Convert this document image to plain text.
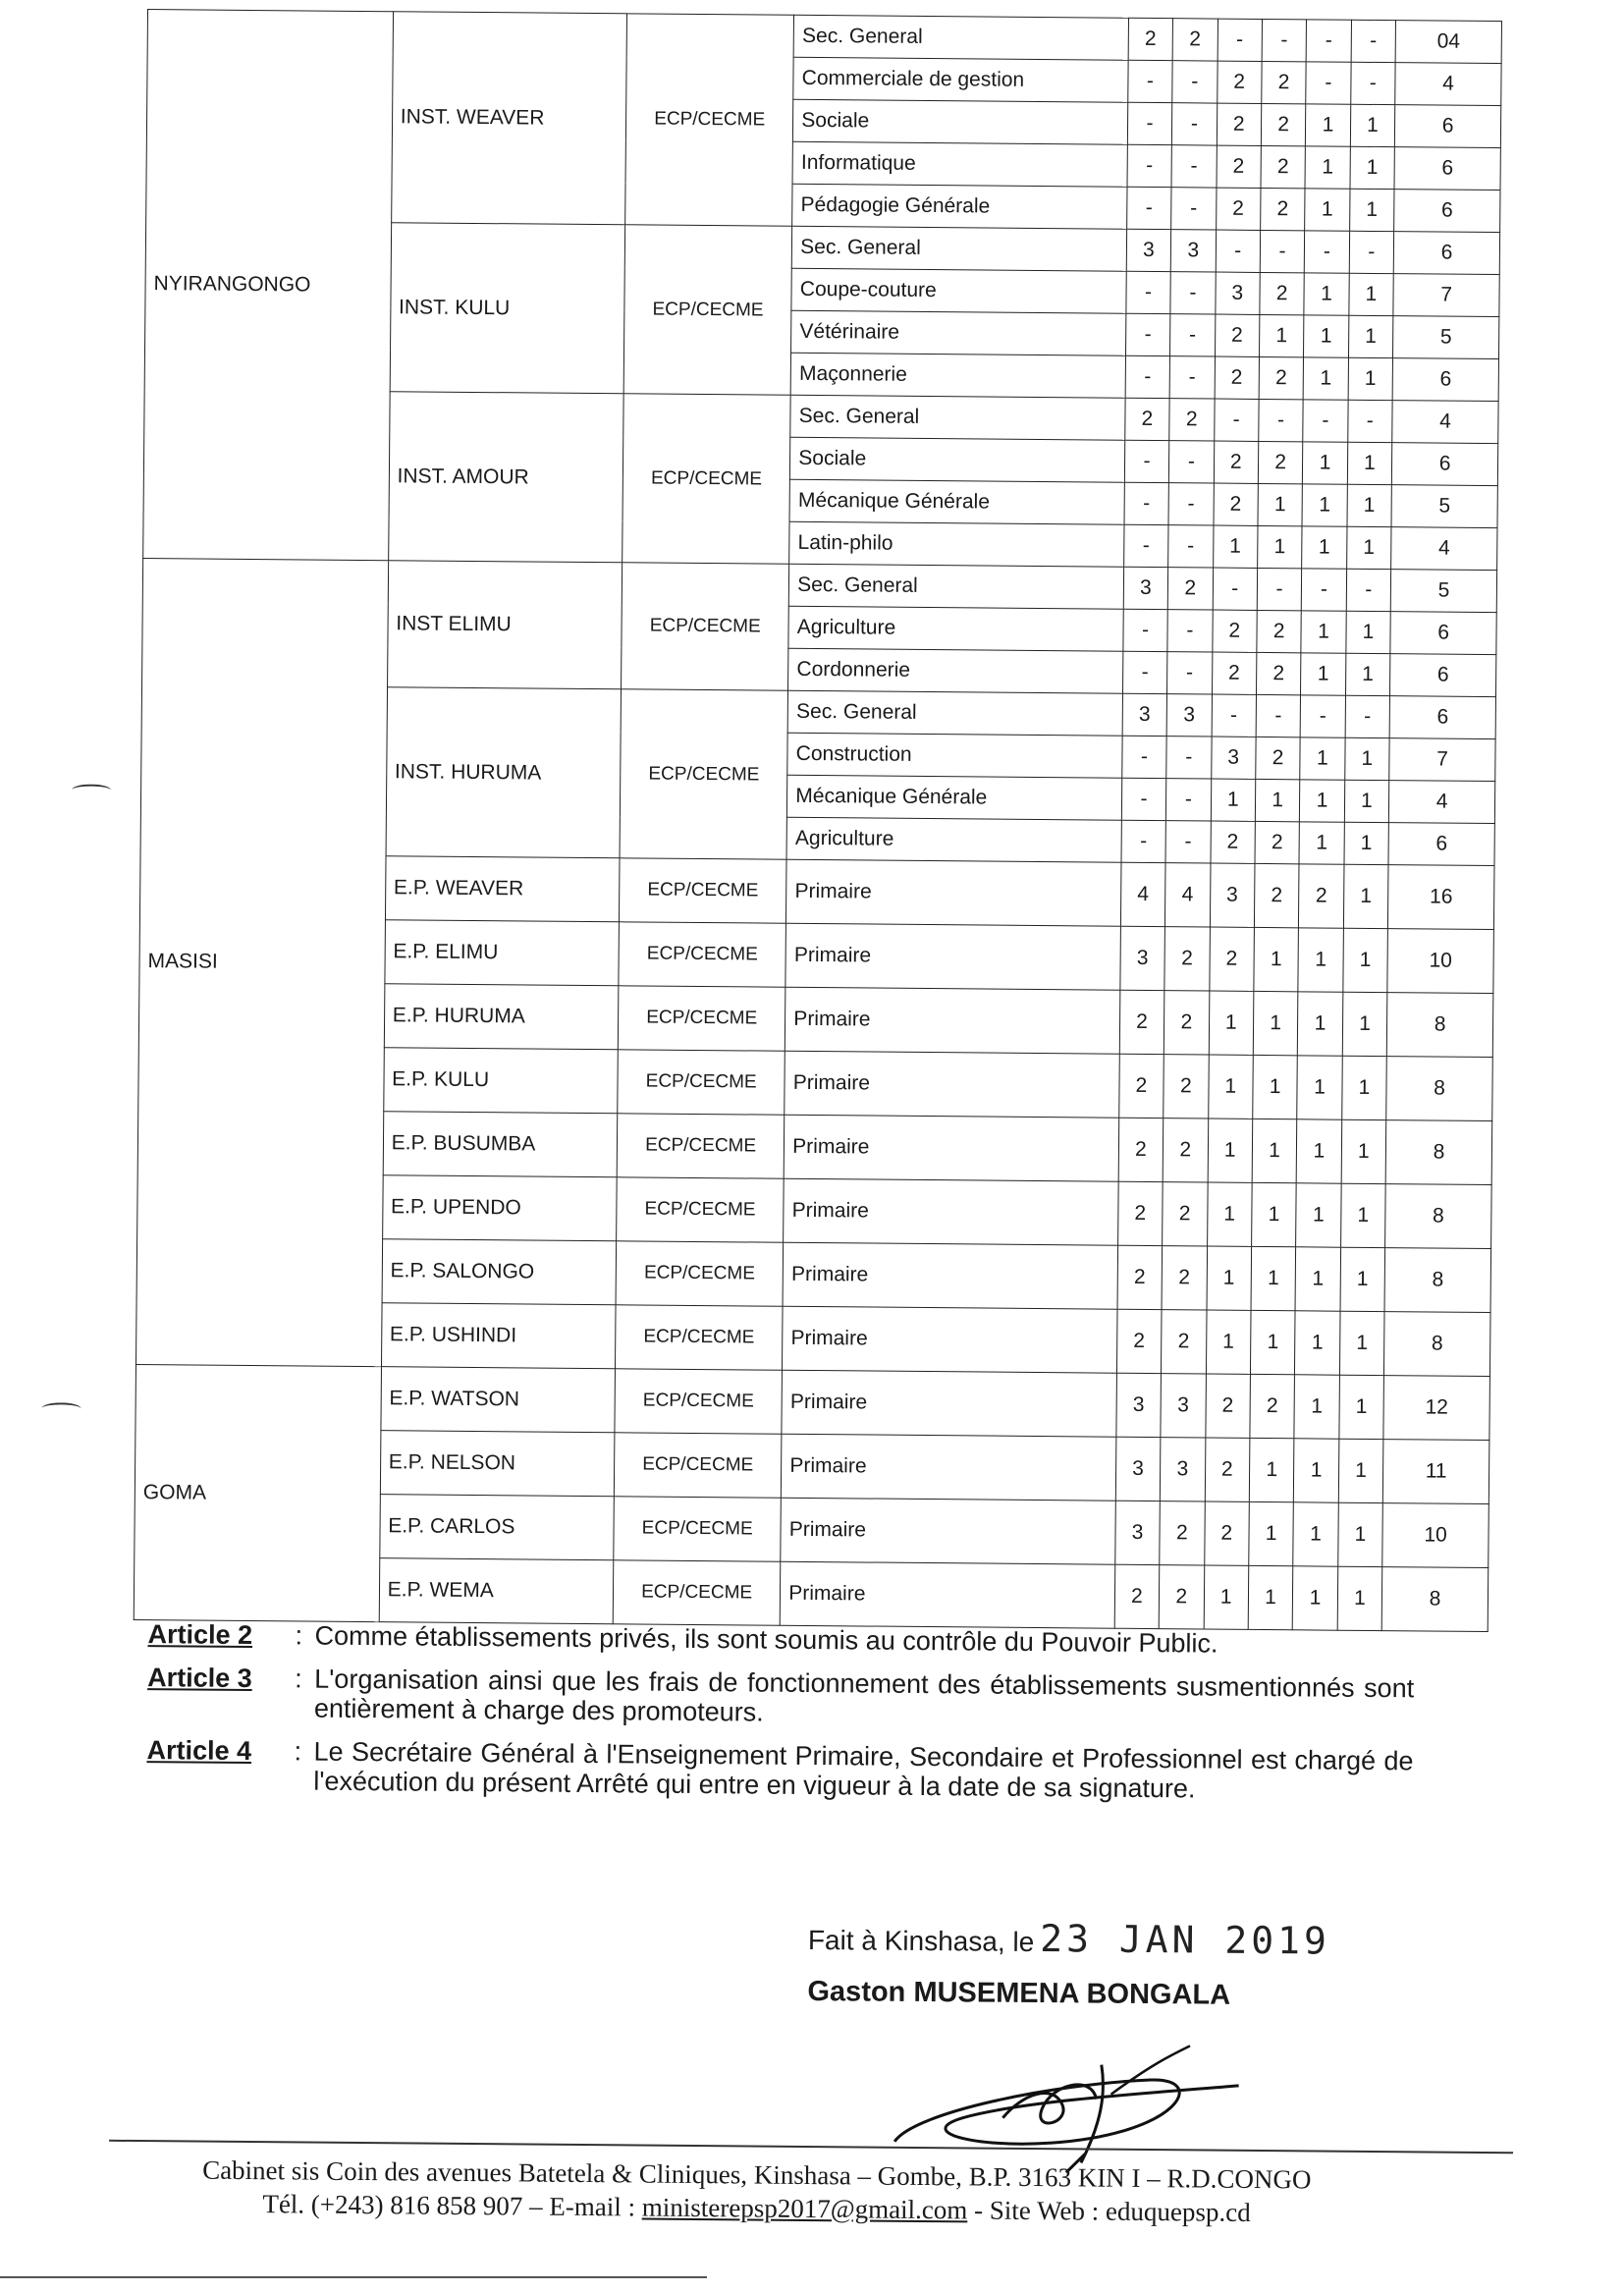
NYIRANGONGO	INST. WEAVER	ECP/CECME	Sec. General	2	2	-	-	-	-	04
			Commerciale de gestion	-	-	2	2	-	-	4
			Sociale	-	-	2	2	1	1	6
			Informatique	-	-	2	2	1	1	6
			Pédagogie Générale	-	-	2	2	1	1	6
	INST. KULU	ECP/CECME	Sec. General	3	3	-	-	-	-	6
			Coupe-couture	-	-	3	2	1	1	7
			Vétérinaire	-	-	2	1	1	1	5
			Maçonnerie	-	-	2	2	1	1	6
	INST. AMOUR	ECP/CECME	Sec. General	2	2	-	-	-	-	4
			Sociale	-	-	2	2	1	1	6
			Mécanique Générale	-	-	2	1	1	1	5
			Latin-philo	-	-	1	1	1	1	4
MASISI	INST ELIMU	ECP/CECME	Sec. General	3	2	-	-	-	-	5
			Agriculture	-	-	2	2	1	1	6
			Cordonnerie	-	-	2	2	1	1	6
	INST. HURUMA	ECP/CECME	Sec. General	3	3	-	-	-	-	6
			Construction	-	-	3	2	1	1	7
			Mécanique Générale	-	-	1	1	1	1	4
			Agriculture	-	-	2	2	1	1	6
	E.P. WEAVER	ECP/CECME	Primaire	4	4	3	2	2	1	16
	E.P. ELIMU	ECP/CECME	Primaire	3	2	2	1	1	1	10
	E.P. HURUMA	ECP/CECME	Primaire	2	2	1	1	1	1	8
	E.P. KULU	ECP/CECME	Primaire	2	2	1	1	1	1	8
	E.P. BUSUMBA	ECP/CECME	Primaire	2	2	1	1	1	1	8
	E.P. UPENDO	ECP/CECME	Primaire	2	2	1	1	1	1	8
	E.P. SALONGO	ECP/CECME	Primaire	2	2	1	1	1	1	8
	E.P. USHINDI	ECP/CECME	Primaire	2	2	1	1	1	1	8
GOMA	E.P. WATSON	ECP/CECME	Primaire	3	3	2	2	1	1	12
	E.P. NELSON	ECP/CECME	Primaire	3	3	2	1	1	1	11
	E.P. CARLOS	ECP/CECME	Primaire	3	2	2	1	1	1	10
	E.P. WEMA	ECP/CECME	Primaire	2	2	1	1	1	1	8
Article 2	: Comme établissements privés, ils sont soumis au contrôle du Pouvoir Public.
Article 3	: L'organisation ainsi que les frais de fonctionnement des établissements susmentionnés sont entièrement à charge des promoteurs.
Article 4	: Le Secrétaire Général à l'Enseignement Primaire, Secondaire et Professionnel est chargé de l'exécution du présent Arrêté qui entre en vigueur à la date de sa signature.
Fait à Kinshasa, le 23 JAN 2019
Gaston MUSEMENA BONGALA
Cabinet sis Coin des avenues Batetela & Cliniques, Kinshasa – Gombe, B.P. 3163 KIN I – R.D.CONGO
Tél. (+243) 816 858 907 – E-mail : ministerepsp2017@gmail.com - Site Web : eduquepsp.cd
